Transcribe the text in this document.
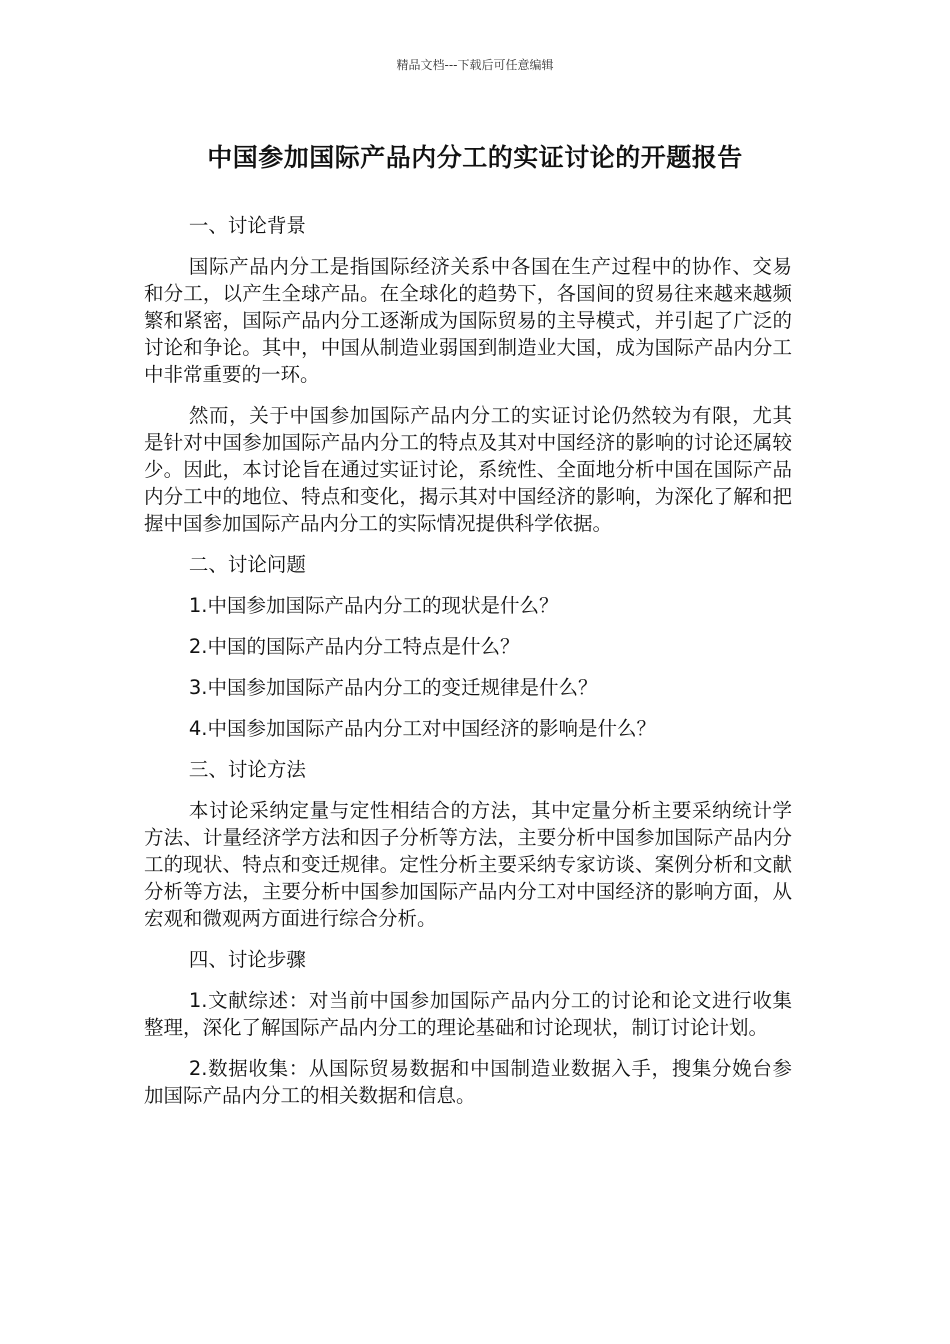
精品文档---下载后可任意编辑
中国参加国际产品内分工的实证讨论的开题报告

一、讨论背景

国际产品内分工是指国际经济关系中各国在生产过程中的协作、交易和分工，以产生全球产品。在全球化的趋势下，各国间的贸易往来越来越频繁和紧密，国际产品内分工逐渐成为国际贸易的主导模式，并引起了广泛的讨论和争论。其中，中国从制造业弱国到制造业大国，成为国际产品内分工中非常重要的一环。

然而，关于中国参加国际产品内分工的实证讨论仍然较为有限，尤其是针对中国参加国际产品内分工的特点及其对中国经济的影响的讨论还属较少。因此，本讨论旨在通过实证讨论，系统性、全面地分析中国在国际产品内分工中的地位、特点和变化，揭示其对中国经济的影响，为深化了解和把握中国参加国际产品内分工的实际情况提供科学依据。

二、讨论问题

1.中国参加国际产品内分工的现状是什么？

2.中国的国际产品内分工特点是什么？

3.中国参加国际产品内分工的变迁规律是什么？

4.中国参加国际产品内分工对中国经济的影响是什么？

三、讨论方法

本讨论采纳定量与定性相结合的方法，其中定量分析主要采纳统计学方法、计量经济学方法和因子分析等方法，主要分析中国参加国际产品内分工的现状、特点和变迁规律。定性分析主要采纳专家访谈、案例分析和文献分析等方法，主要分析中国参加国际产品内分工对中国经济的影响方面，从宏观和微观两方面进行综合分析。

四、讨论步骤

1.文献综述：对当前中国参加国际产品内分工的讨论和论文进行收集整理，深化了解国际产品内分工的理论基础和讨论现状，制订讨论计划。

2.数据收集：从国际贸易数据和中国制造业数据入手，搜集分娩台参加国际产品内分工的相关数据和信息。
